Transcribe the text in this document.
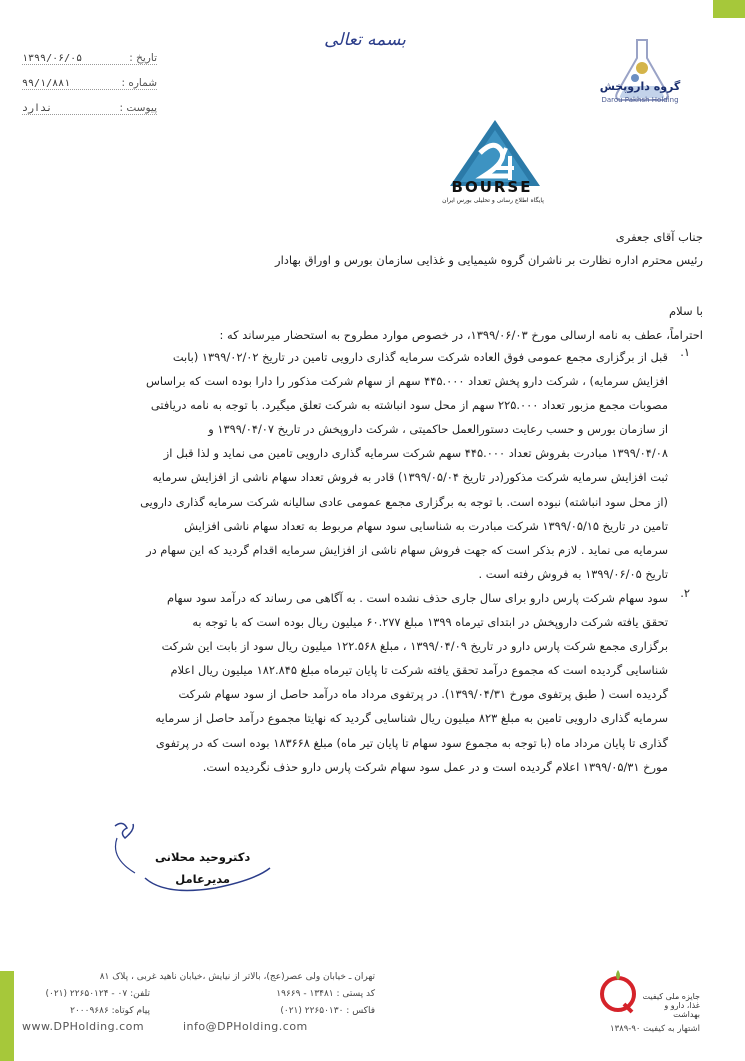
تاریخ :
۱۳۹۹/۰۶/۰۵
شماره :
۹۹/۱/۸۸۱
پیوست :
ندارد
بسمه تعالی
گروه داروپخش
Darou Pakhsh Holding
BOURSE
پایگاه اطلاع رسانی و تحلیلی بورس ایران
جناب آقای جعفری
رئیس محترم اداره نظارت بر ناشران گروه شیمیایی و غذایی سازمان بورس و اوراق بهادار
با سلام
احتراماً، عطف به نامه ارسالی مورخ ۱۳۹۹/۰۶/۰۳، در خصوص موارد مطروح به استحضار میرساند که :
۱.
قبل از برگزاری مجمع عمومی فوق العاده شرکت سرمایه گذاری دارویی تامین در تاریخ ۱۳۹۹/۰۲/۰۲ (بابت
افزایش سرمایه) ، شرکت دارو پخش تعداد ۴۴۵.۰۰۰ سهم از سهام شرکت مذکور را دارا بوده است که براساس
مصوبات مجمع مزبور تعداد ۲۲۵.۰۰۰ سهم از محل سود انباشته به شرکت تعلق میگیرد. با توجه به نامه دریافتی
از سازمان بورس و حسب رعایت دستورالعمل حاکمیتی ، شرکت داروپخش در تاریخ ۱۳۹۹/۰۴/۰۷ و
۱۳۹۹/۰۴/۰۸ مبادرت بفروش تعداد ۴۴۵.۰۰۰ سهم شرکت سرمایه گذاری دارویی تامین می نماید و لذا قبل از
ثبت افزایش سرمایه شرکت مذکور(در تاریخ ۱۳۹۹/۰۵/۰۴) قادر به فروش تعداد سهام ناشی از افزایش سرمایه
(از محل سود انباشته) نبوده است. با توجه به برگزاری مجمع عمومی عادی سالیانه شرکت سرمایه گذاری دارویی
تامین در تاریخ ۱۳۹۹/۰۵/۱۵ شرکت مبادرت به شناسایی سود سهام مربوط به تعداد سهام ناشی افزایش
سرمایه می نماید . لازم بذکر است که جهت فروش سهام ناشی از افزایش سرمایه اقدام گردید که این سهام در
تاریخ ۱۳۹۹/۰۶/۰۵ به فروش رفته است .
۲.
سود سهام شرکت پارس دارو برای سال جاری حذف نشده است . به آگاهی می رساند که درآمد سود سهام
تحقق یافته شرکت داروپخش در ابتدای تیرماه ۱۳۹۹ مبلغ ۶۰.۲۷۷ میلیون ریال بوده است که با توجه به
برگزاری مجمع شرکت پارس دارو در تاریخ ۱۳۹۹/۰۴/۰۹ ، مبلغ ۱۲۲.۵۶۸ میلیون ریال سود از بابت این شرکت
شناسایی گردیده است که مجموع درآمد تحقق یافته شرکت تا پایان تیرماه مبلغ ۱۸۲.۸۴۵ میلیون ریال اعلام
گردیده است ( طبق پرتفوی مورخ ۱۳۹۹/۰۴/۳۱). در پرتفوی مرداد ماه درآمد حاصل از سود سهام شرکت
سرمایه گذاری دارویی تامین به مبلغ ۸۲۳ میلیون ریال شناسایی گردید که نهایتا مجموع درآمد حاصل از سرمایه
گذاری تا پایان مرداد ماه (با توجه به مجموع سود سهام تا پایان تیر ماه) مبلغ ۱۸۳۶۶۸ بوده است که در پرتفوی
مورخ ۱۳۹۹/۰۵/۳۱ اعلام گردیده است و در عمل سود سهام شرکت پارس دارو حذف نگردیده است.
دکتروحید محلانی
مدیرعامل
تهران ـ خیابان ولی عصر(عج)، بالاتر از نیایش ،خیابان ناهید غربی ، پلاک ۸۱
کد پستی : ۱۳۴۸۱ - ۱۹۶۶۹
فاکس : ۲۲۶۵۰۱۳۰ (۰۲۱)
تلفن: ۰۷ - ۲۲۶۵۰۱۲۴ (۰۲۱)
پیام کوتاه: ۲۰۰۰۹۶۸۶
www.DPHolding.com	info@DPHolding.com
جایزه ملی کیفیت
غذا، دارو و بهداشت
اشتهار به کیفیت ۹۰-۱۳۸۹
